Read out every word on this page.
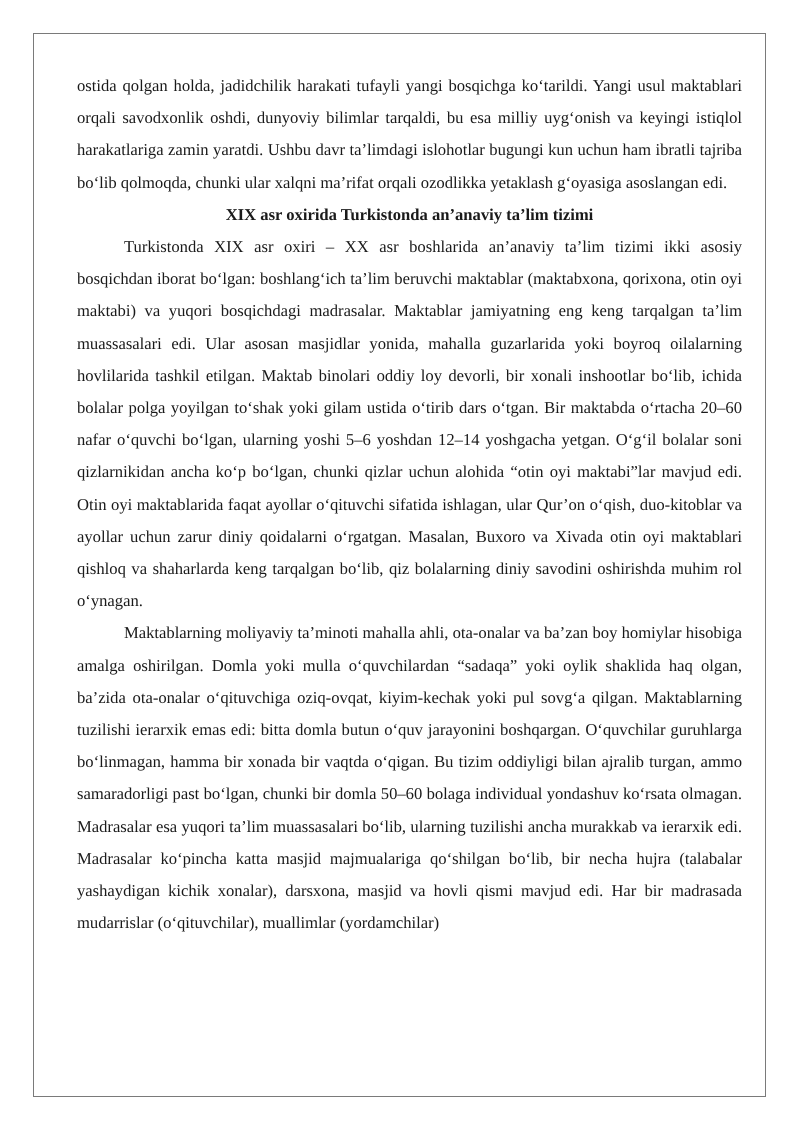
ostida qolgan holda, jadidchilik harakati tufayli yangi bosqichga ko‘tarildi. Yangi usul maktablari orqali savodxonlik oshdi, dunyoviy bilimlar tarqaldi, bu esa milliy uyg‘onish va keyingi istiqlol harakatlariga zamin yaratdi. Ushbu davr ta’limdagi islohotlar bugungi kun uchun ham ibratli tajriba bo‘lib qolmoqda, chunki ular xalqni ma’rifat orqali ozodlikka yetaklash g‘oyasiga asoslangan edi.

XIX asr oxirida Turkistonda an’anaviy ta’lim tizimi

Turkistonda XIX asr oxiri – XX asr boshlarida an’anaviy ta’lim tizimi ikki asosiy bosqichdan iborat bo‘lgan: boshlang‘ich ta’lim beruvchi maktablar (maktabxona, qorixona, otin oyi maktabi) va yuqori bosqichdagi madrasalar. Maktablar jamiyatning eng keng tarqalgan ta’lim muassasalari edi. Ular asosan masjidlar yonida, mahalla guzarlarida yoki boyroq oilalarning hovlilarida tashkil etilgan. Maktab binolari oddiy loy devorli, bir xonali inshootlar bo‘lib, ichida bolalar polga yoyilgan to‘shak yoki gilam ustida o‘tirib dars o‘tgan. Bir maktabda o‘rtacha 20–60 nafar o‘quvchi bo‘lgan, ularning yoshi 5–6 yoshdan 12–14 yoshgacha yetgan. O‘g‘il bolalar soni qizlarnikidan ancha ko‘p bo‘lgan, chunki qizlar uchun alohida “otin oyi maktabi”lar mavjud edi. Otin oyi maktablarida faqat ayollar o‘qituvchi sifatida ishlagan, ular Qur’on o‘qish, duo-kitoblar va ayollar uchun zarur diniy qoidalarni o‘rgatgan. Masalan, Buxoro va Xivada otin oyi maktablari qishloq va shaharlarda keng tarqalgan bo‘lib, qiz bolalarning diniy savodini oshirishda muhim rol o‘ynagan.

Maktablarning moliyaviy ta’minoti mahalla ahli, ota-onalar va ba’zan boy homiylar hisobiga amalga oshirilgan. Domla yoki mulla o‘quvchilardan “sadaqa” yoki oylik shaklida haq olgan, ba’zida ota-onalar o‘qituvchiga oziq-ovqat, kiyim-kechak yoki pul sovg‘a qilgan. Maktablarning tuzilishi ierarxik emas edi: bitta domla butun o‘quv jarayonini boshqargan. O‘quvchilar guruhlarga bo‘linmagan, hamma bir xonada bir vaqtda o‘qigan. Bu tizim oddiyligi bilan ajralib turgan, ammo samaradorligi past bo‘lgan, chunki bir domla 50–60 bolaga individual yondashuv ko‘rsata olmagan. Madrasalar esa yuqori ta’lim muassasalari bo‘lib, ularning tuzilishi ancha murakkab va ierarxik edi. Madrasalar ko‘pincha katta masjid majmualariga qo‘shilgan bo‘lib, bir necha hujra (talabalar yashaydigan kichik xonalar), darsxona, masjid va hovli qismi mavjud edi. Har bir madrasada mudarrislar (o‘qituvchilar), muallimlar (yordamchilar)
